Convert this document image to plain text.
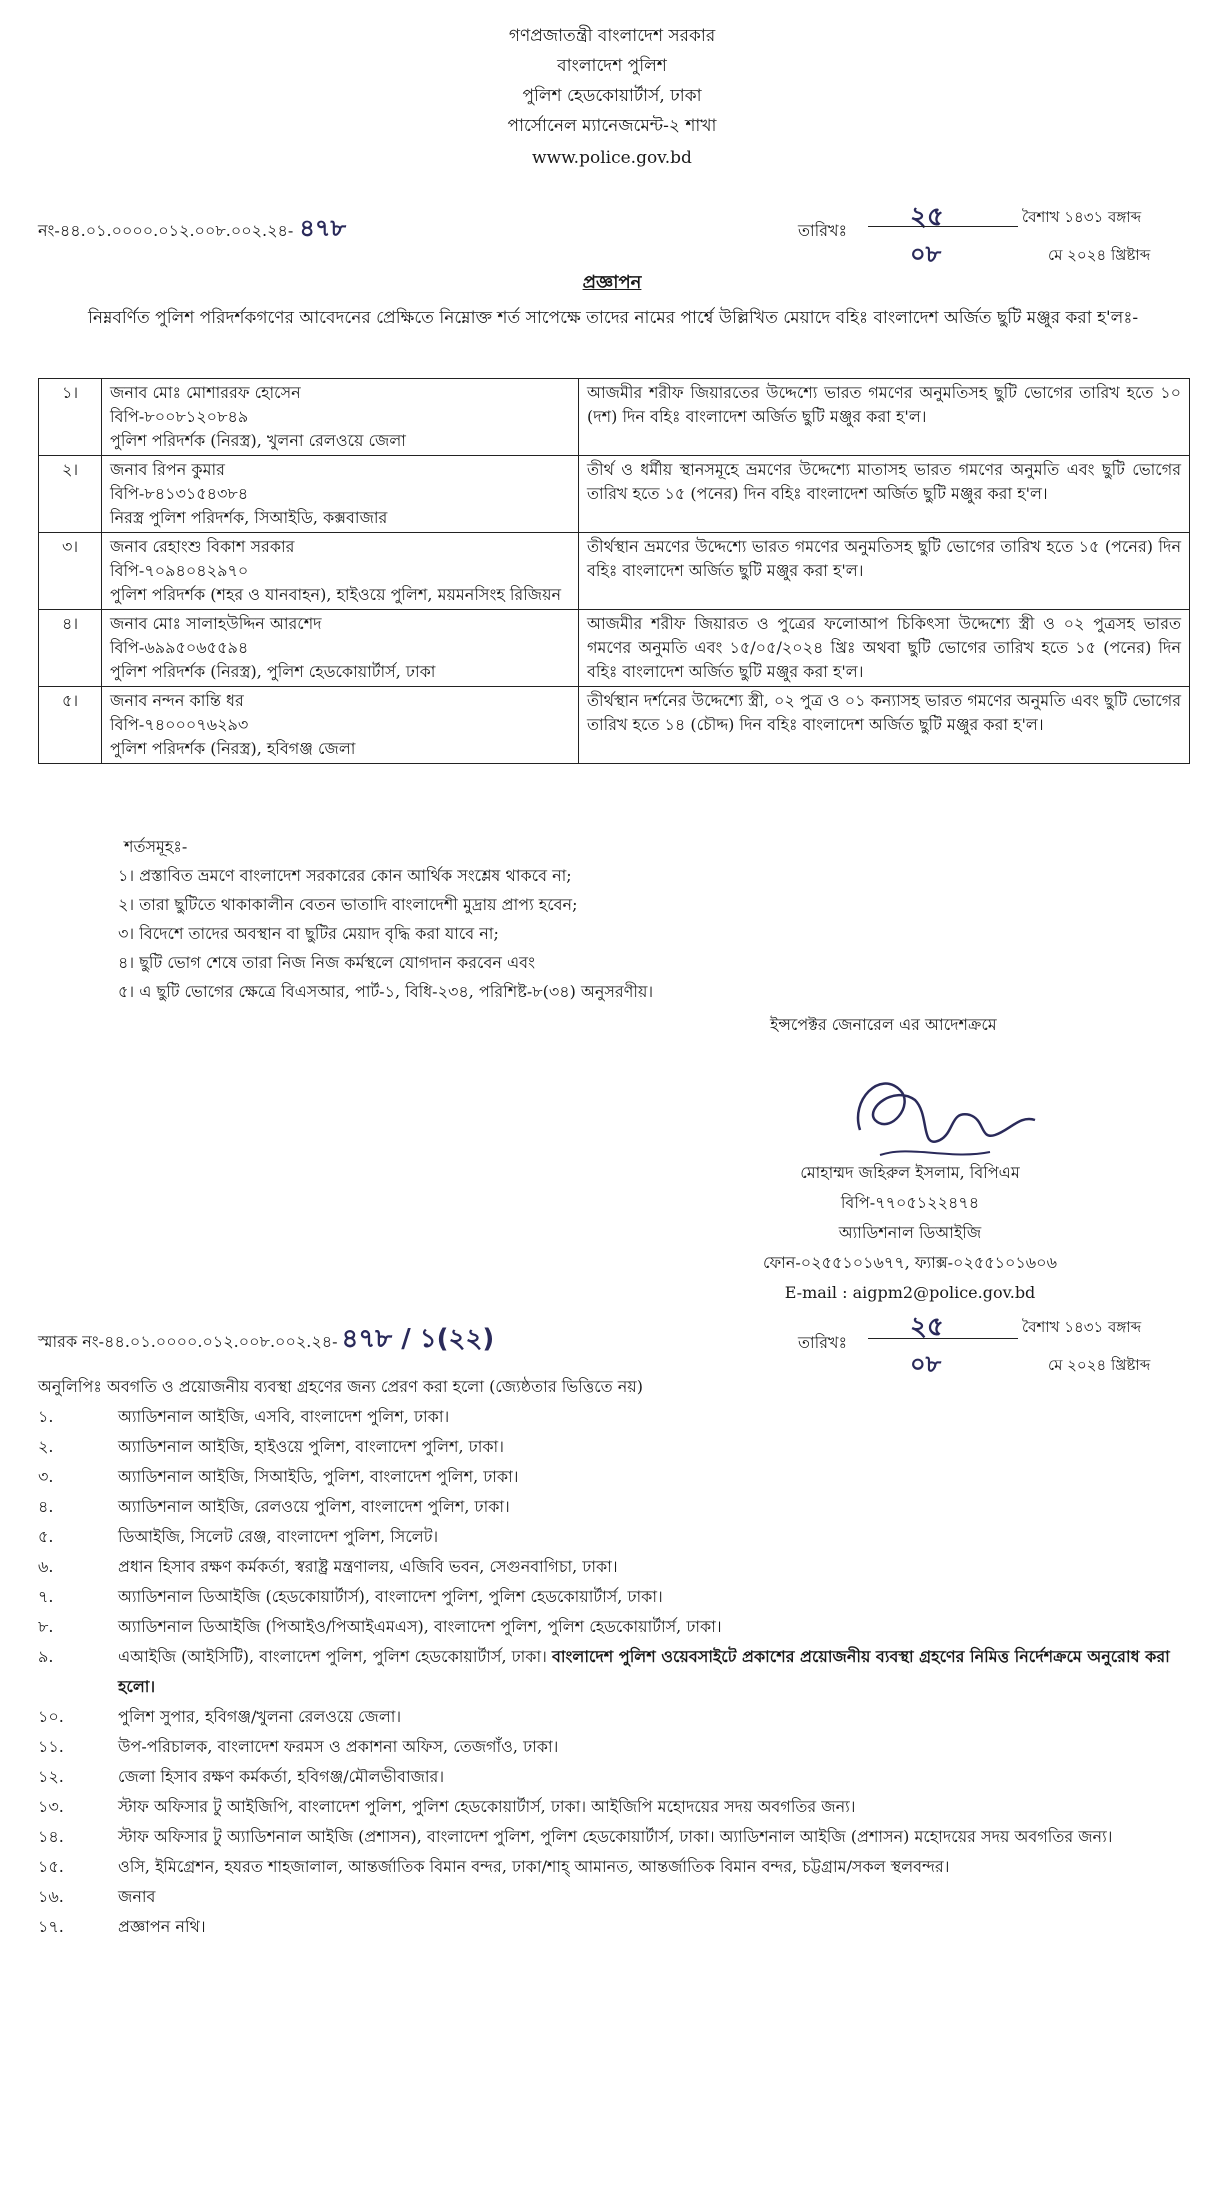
গণপ্রজাতন্ত্রী বাংলাদেশ সরকার
বাংলাদেশ পুলিশ
পুলিশ হেডকোয়ার্টার্স, ঢাকা
পার্সোনেল ম্যানেজমেন্ট-২ শাখা
www.police.gov.bd
নং-৪৪.০১.০০০০.০১২.০০৮.০০২.২৪- ৪৭৮	তারিখঃ ২৫	বৈশাখ ১৪৩১ বঙ্গাব্দ
০৮	মে ২০২৪ খ্রিষ্টাব্দ
প্রজ্ঞাপন
নিম্নবর্ণিত পুলিশ পরিদর্শকগণের আবেদনের প্রেক্ষিতে নিম্নোক্ত শর্ত সাপেক্ষে তাদের নামের পার্শ্বে উল্লিখিত মেয়াদে বহিঃ বাংলাদেশ অর্জিত ছুটি মঞ্জুর করা হ'লঃ-
১।	জনাব মোঃ মোশাররফ হোসেন
বিপি-৮০০৮১২০৮৪৯
পুলিশ পরিদর্শক (নিরস্ত্র), খুলনা রেলওয়ে জেলা	আজমীর শরীফ জিয়ারতের উদ্দেশ্যে ভারত গমণের অনুমতিসহ ছুটি ভোগের তারিখ হতে ১০ (দশ) দিন বহিঃ বাংলাদেশ অর্জিত ছুটি মঞ্জুর করা হ'ল।
২।	জনাব রিপন কুমার
বিপি-৮৪১৩১৫৪৩৮৪
নিরস্ত্র পুলিশ পরিদর্শক, সিআইডি, কক্সবাজার	তীর্থ ও ধর্মীয় স্থানসমূহে ভ্রমণের উদ্দেশ্যে মাতাসহ ভারত গমণের অনুমতি এবং ছুটি ভোগের তারিখ হতে ১৫ (পনের) দিন বহিঃ বাংলাদেশ অর্জিত ছুটি মঞ্জুর করা হ'ল।
৩।	জনাব রেহাংশু বিকাশ সরকার
বিপি-৭০৯৪০৪২৯৭০
পুলিশ পরিদর্শক (শহর ও যানবাহন), হাইওয়ে পুলিশ, ময়মনসিংহ রিজিয়ন	তীর্থস্থান ভ্রমণের উদ্দেশ্যে ভারত গমণের অনুমতিসহ ছুটি ভোগের তারিখ হতে ১৫ (পনের) দিন বহিঃ বাংলাদেশ অর্জিত ছুটি মঞ্জুর করা হ'ল।
৪।	জনাব মোঃ সালাহউদ্দিন আরশেদ
বিপি-৬৯৯৫০৬৫৫৯৪
পুলিশ পরিদর্শক (নিরস্ত্র), পুলিশ হেডকোয়ার্টার্স, ঢাকা	আজমীর শরীফ জিয়ারত ও পুত্রের ফলোআপ চিকিৎসা উদ্দেশ্যে স্ত্রী ও ০২ পুত্রসহ ভারত গমণের অনুমতি এবং ১৫/০৫/২০২৪ খ্রিঃ অথবা ছুটি ভোগের তারিখ হতে ১৫ (পনের) দিন বহিঃ বাংলাদেশ অর্জিত ছুটি মঞ্জুর করা হ'ল।
৫।	জনাব নন্দন কান্তি ধর
বিপি-৭৪০০০৭৬২৯৩
পুলিশ পরিদর্শক (নিরস্ত্র), হবিগঞ্জ জেলা	তীর্থস্থান দর্শনের উদ্দেশ্যে স্ত্রী, ০২ পুত্র ও ০১ কন্যাসহ ভারত গমণের অনুমতি এবং ছুটি ভোগের তারিখ হতে ১৪ (চৌদ্দ) দিন বহিঃ বাংলাদেশ অর্জিত ছুটি মঞ্জুর করা হ'ল।
শর্তসমূহঃ-
১। প্রস্তাবিত ভ্রমণে বাংলাদেশ সরকারের কোন আর্থিক সংশ্লেষ থাকবে না;
২। তারা ছুটিতে থাকাকালীন বেতন ভাতাদি বাংলাদেশী মুদ্রায় প্রাপ্য হবেন;
৩। বিদেশে তাদের অবস্থান বা ছুটির মেয়াদ বৃদ্ধি করা যাবে না;
৪। ছুটি ভোগ শেষে তারা নিজ নিজ কর্মস্থলে যোগদান করবেন এবং
৫। এ ছুটি ভোগের ক্ষেত্রে বিএসআর, পার্ট-১, বিধি-২৩৪, পরিশিষ্ট-৮(৩৪) অনুসরণীয়।
ইন্সপেক্টর জেনারেল এর আদেশক্রমে
মোহাম্মদ জহিরুল ইসলাম, বিপিএম
বিপি-৭৭০৫১২২৪৭৪
অ্যাডিশনাল ডিআইজি
ফোন-০২৫৫১০১৬৭৭, ফ্যাক্স-০২৫৫১০১৬০৬
E-mail : aigpm2@police.gov.bd
স্মারক নং-৪৪.০১.০০০০.০১২.০০৮.০০২.২৪- ৪৭৮ / ১(২২)	তারিখঃ
২৫	বৈশাখ ১৪৩১ বঙ্গাব্দ
০৮	মে ২০২৪ খ্রিষ্টাব্দ
অনুলিপিঃ অবগতি ও প্রয়োজনীয় ব্যবস্থা গ্রহণের জন্য প্রেরণ করা হলো (জ্যেষ্ঠতার ভিত্তিতে নয়)
১.	অ্যাডিশনাল আইজি, এসবি, বাংলাদেশ পুলিশ, ঢাকা।
২.	অ্যাডিশনাল আইজি, হাইওয়ে পুলিশ, বাংলাদেশ পুলিশ, ঢাকা।
৩.	অ্যাডিশনাল আইজি, সিআইডি, পুলিশ, বাংলাদেশ পুলিশ, ঢাকা।
৪.	অ্যাডিশনাল আইজি, রেলওয়ে পুলিশ, বাংলাদেশ পুলিশ, ঢাকা।
৫.	ডিআইজি, সিলেট রেঞ্জ, বাংলাদেশ পুলিশ, সিলেট।
৬.	প্রধান হিসাব রক্ষণ কর্মকর্তা, স্বরাষ্ট্র মন্ত্রণালয়, এজিবি ভবন, সেগুনবাগিচা, ঢাকা।
৭.	অ্যাডিশনাল ডিআইজি (হেডকোয়ার্টার্স), বাংলাদেশ পুলিশ, পুলিশ হেডকোয়ার্টার্স, ঢাকা।
৮.	অ্যাডিশনাল ডিআইজি (পিআইও/পিআইএমএস), বাংলাদেশ পুলিশ, পুলিশ হেডকোয়ার্টার্স, ঢাকা।
৯.	এআইজি (আইসিটি), বাংলাদেশ পুলিশ, পুলিশ হেডকোয়ার্টার্স, ঢাকা। বাংলাদেশ পুলিশ ওয়েবসাইটে প্রকাশের প্রয়োজনীয় ব্যবস্থা গ্রহণের নিমিত্ত নির্দেশক্রমে অনুরোধ করা হলো।
১০.	পুলিশ সুপার, হবিগঞ্জ/খুলনা রেলওয়ে জেলা।
১১.	উপ-পরিচালক, বাংলাদেশ ফরমস ও প্রকাশনা অফিস, তেজগাঁও, ঢাকা।
১২.	জেলা হিসাব রক্ষণ কর্মকর্তা, হবিগঞ্জ/মৌলভীবাজার।
১৩.	স্টাফ অফিসার টু আইজিপি, বাংলাদেশ পুলিশ, পুলিশ হেডকোয়ার্টার্স, ঢাকা। আইজিপি মহোদয়ের সদয় অবগতির জন্য।
১৪.	স্টাফ অফিসার টু অ্যাডিশনাল আইজি (প্রশাসন), বাংলাদেশ পুলিশ, পুলিশ হেডকোয়ার্টার্স, ঢাকা। অ্যাডিশনাল আইজি (প্রশাসন) মহোদয়ের সদয় অবগতির জন্য।
১৫.	ওসি, ইমিগ্রেশন, হযরত শাহজালাল, আন্তর্জাতিক বিমান বন্দর, ঢাকা/শাহ্ আমানত, আন্তর্জাতিক বিমান বন্দর, চট্টগ্রাম/সকল স্থলবন্দর।
১৬.	জনাব
১৭.	প্রজ্ঞাপন নথি।
